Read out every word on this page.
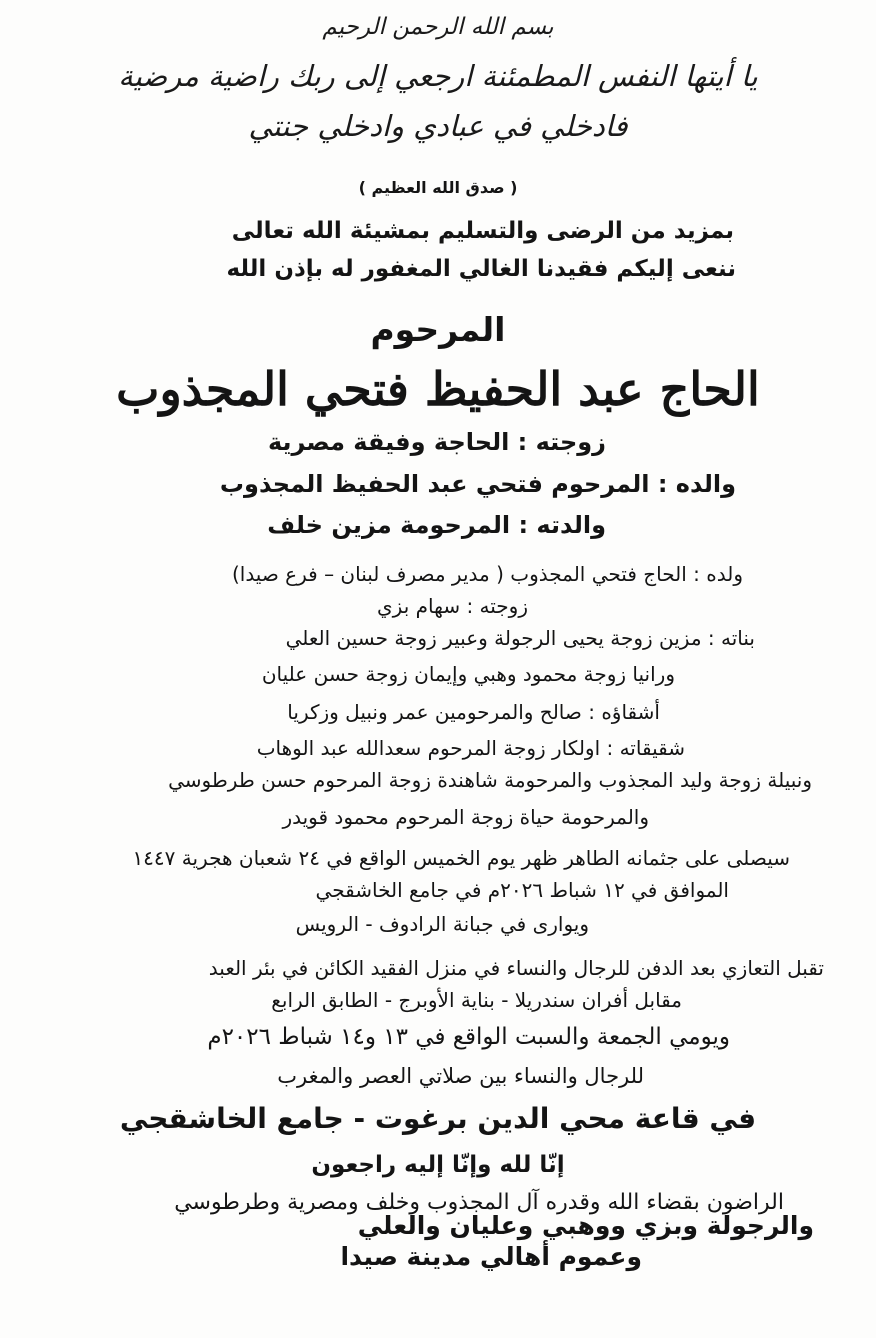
بسم الله الرحمن الرحيم

يا أيتها النفس المطمئنة ارجعي إلى ربك راضية مرضية

فادخلي في عبادي وادخلي جنتي

( صدق الله العظيم )

بمزيد من الرضى والتسليم بمشيئة الله تعالى

ننعى إليكم فقيدنا الغالي المغفور له بإذن الله

المرحوم

الحاج عبد الحفيظ فتحي المجذوب

زوجته : الحاجة وفيقة مصرية

والده : المرحوم فتحي عبد الحفيظ المجذوب

والدته : المرحومة مزين خلف

ولده : الحاج فتحي المجذوب ( مدير مصرف لبنان – فرع صيدا)

زوجته : سهام بزي

بناته : مزين زوجة يحيى الرجولة وعبير زوجة حسين العلي

ورانيا زوجة محمود وهبي وإيمان زوجة حسن عليان

أشقاؤه : صالح والمرحومين عمر ونبيل وزكريا

شقيقاته : اولكار زوجة المرحوم سعدالله عبد الوهاب

ونبيلة زوجة وليد المجذوب والمرحومة شاهندة زوجة المرحوم حسن طرطوسي

والمرحومة حياة زوجة المرحوم محمود قويدر

سيصلى على جثمانه الطاهر ظهر يوم الخميس الواقع في ٢٤ شعبان هجرية ١٤٤٧

الموافق في ١٢ شباط ٢٠٢٦م في جامع الخاشقجي

ويوارى في جبانة الرادوف - الرويس

تقبل التعازي بعد الدفن للرجال والنساء في منزل الفقيد الكائن في بئر العبد

مقابل أفران سندريلا - بناية الأوبرج - الطابق الرابع

ويومي الجمعة والسبت الواقع في ١٣ و١٤ شباط ٢٠٢٦م

للرجال والنساء بين صلاتي العصر والمغرب

في قاعة محي الدين برغوت - جامع الخاشقجي

إنّا لله وإنّا إليه راجعون

الراضون بقضاء الله وقدره آل المجذوب وخلف ومصرية وطرطوسي

والرجولة وبزي ووهبي وعليان والعلي

وعموم أهالي مدينة صيدا
